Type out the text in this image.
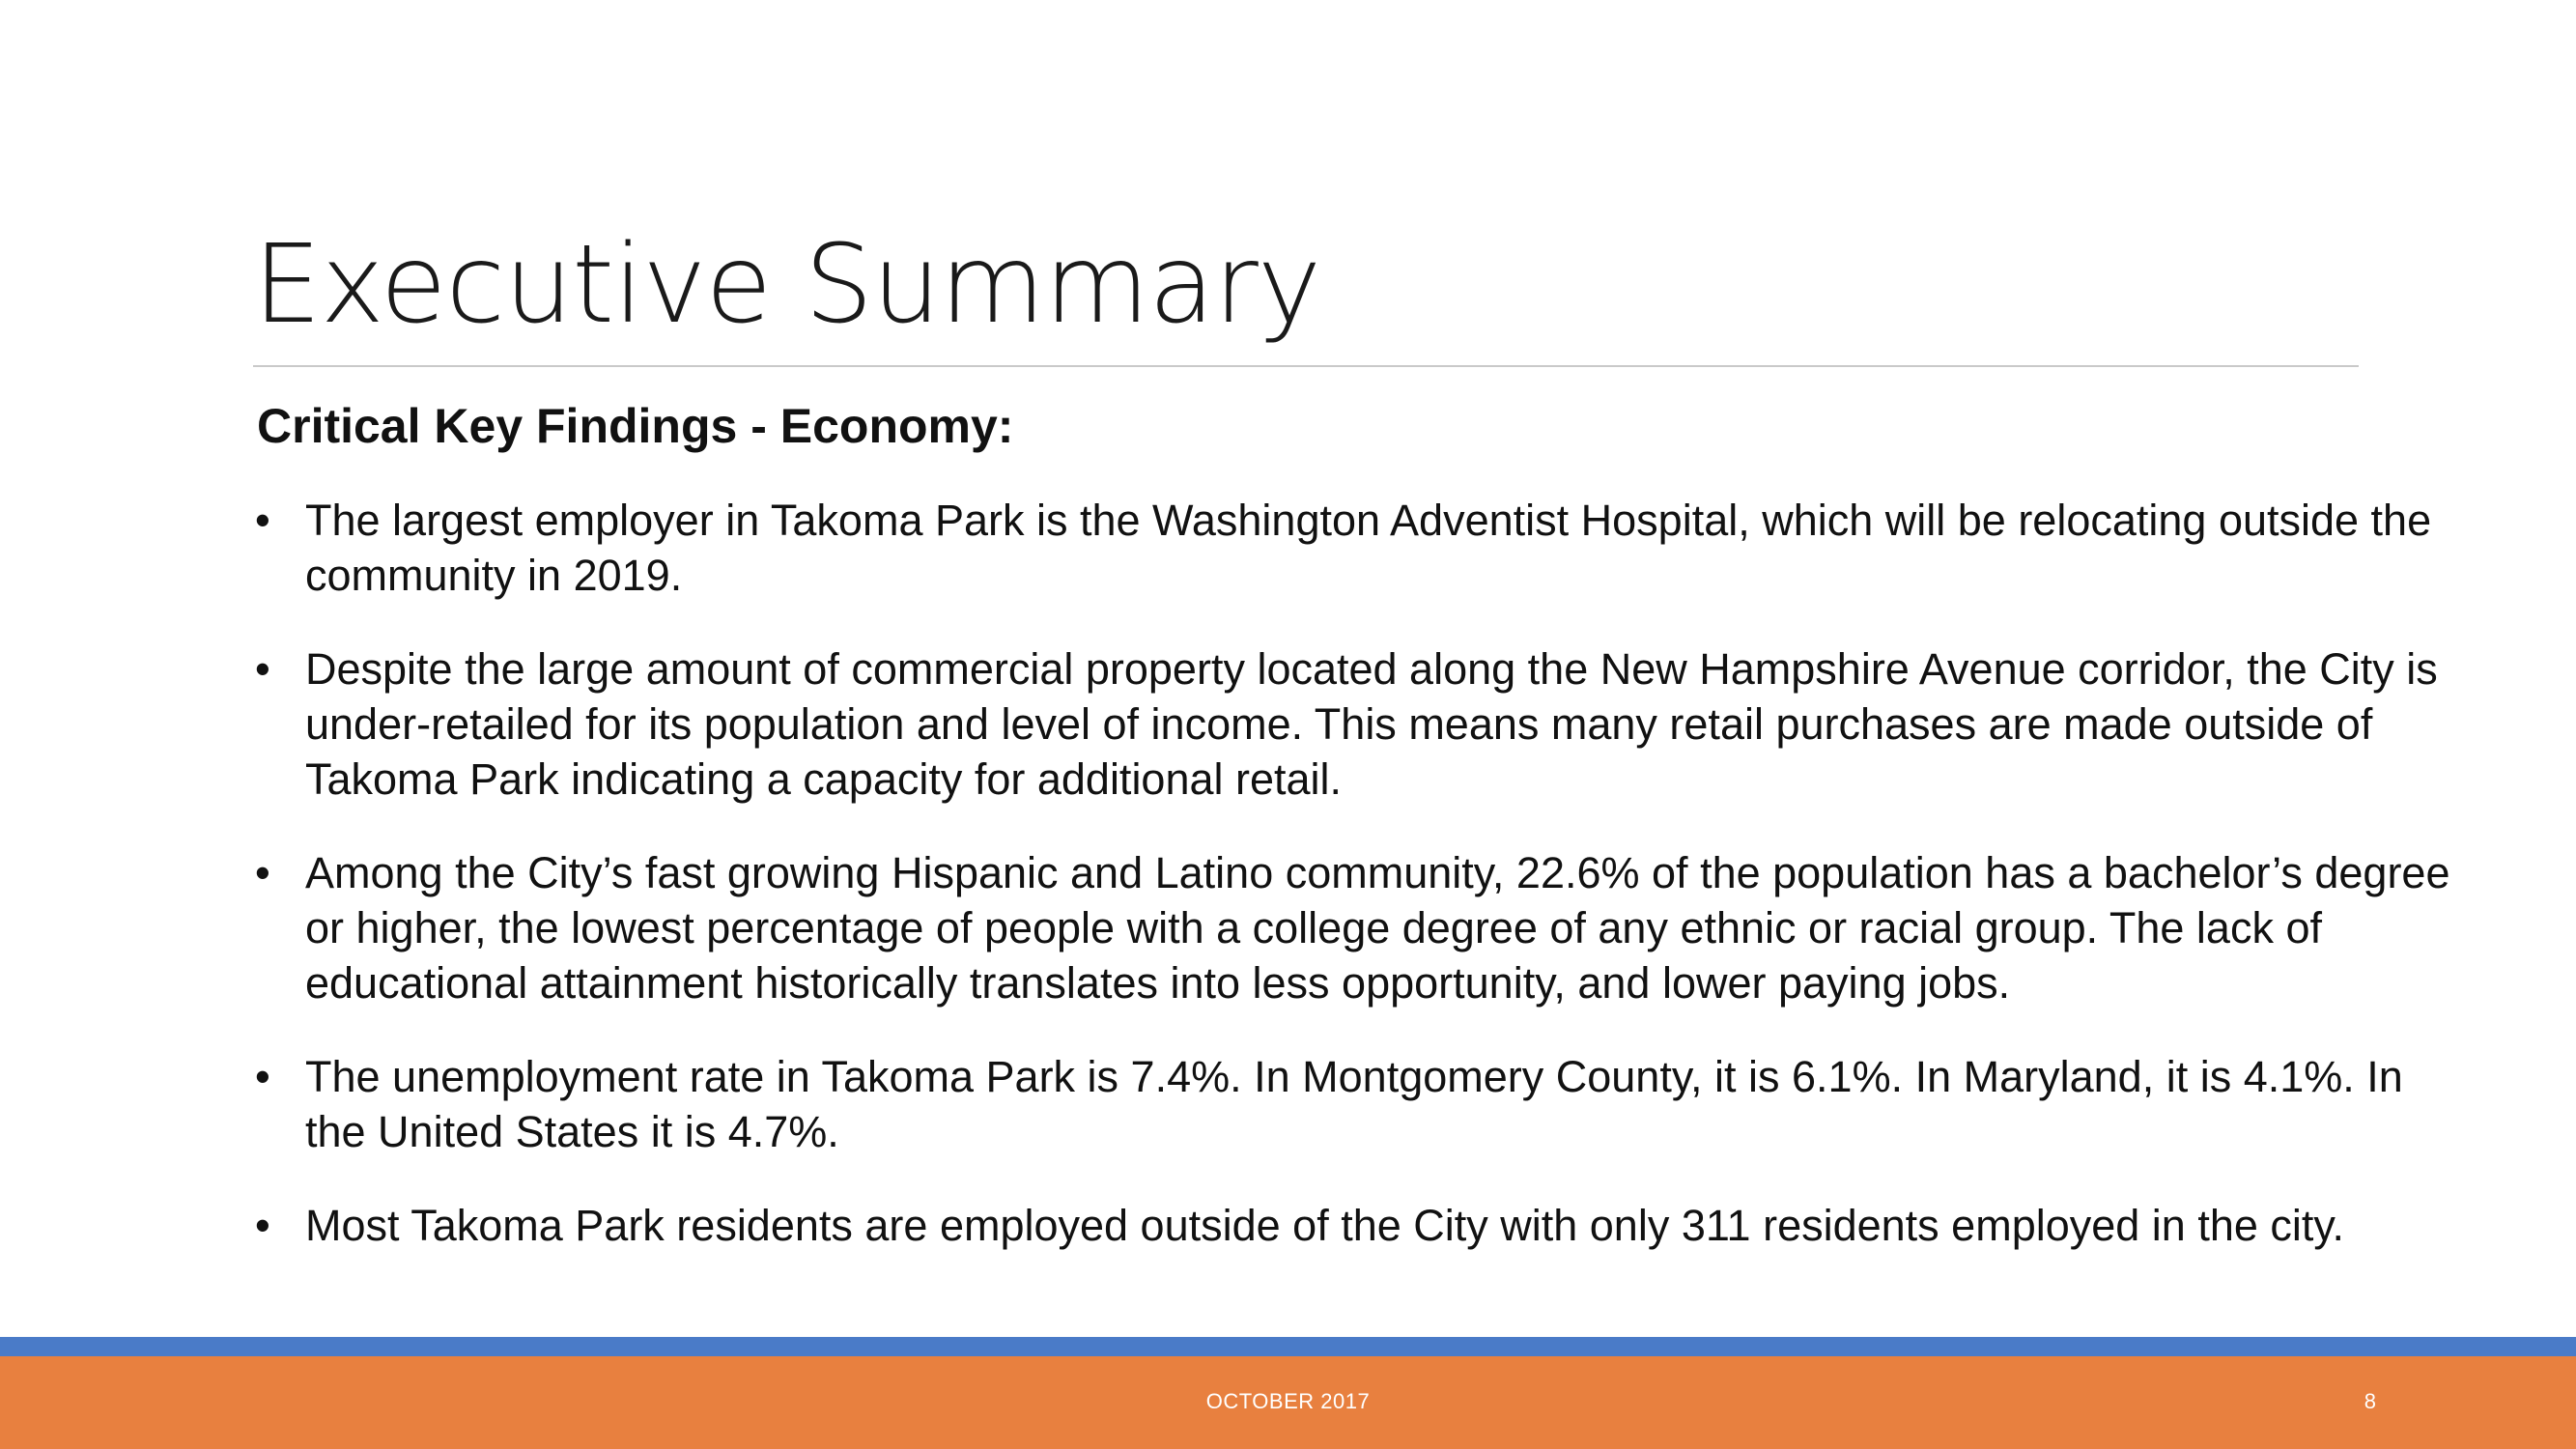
Executive Summary
Critical Key Findings - Economy:
• The largest employer in Takoma Park is the Washington Adventist Hospital, which will be relocating outside the community in 2019.
• Despite the large amount of commercial property located along the New Hampshire Avenue corridor, the City is under-retailed for its population and level of income. This means many retail purchases are made outside of Takoma Park indicating a capacity for additional retail.
• Among the City’s fast growing Hispanic and Latino community, 22.6% of the population has a bachelor’s degree or higher, the lowest percentage of people with a college degree of any ethnic or racial group. The lack of educational attainment historically translates into less opportunity, and lower paying jobs.
• The unemployment rate in Takoma Park is 7.4%. In Montgomery County, it is 6.1%. In Maryland, it is 4.1%. In the United States it is 4.7%.
• Most Takoma Park residents are employed outside of the City with only 311 residents employed in the city.
OCTOBER 2017	8
